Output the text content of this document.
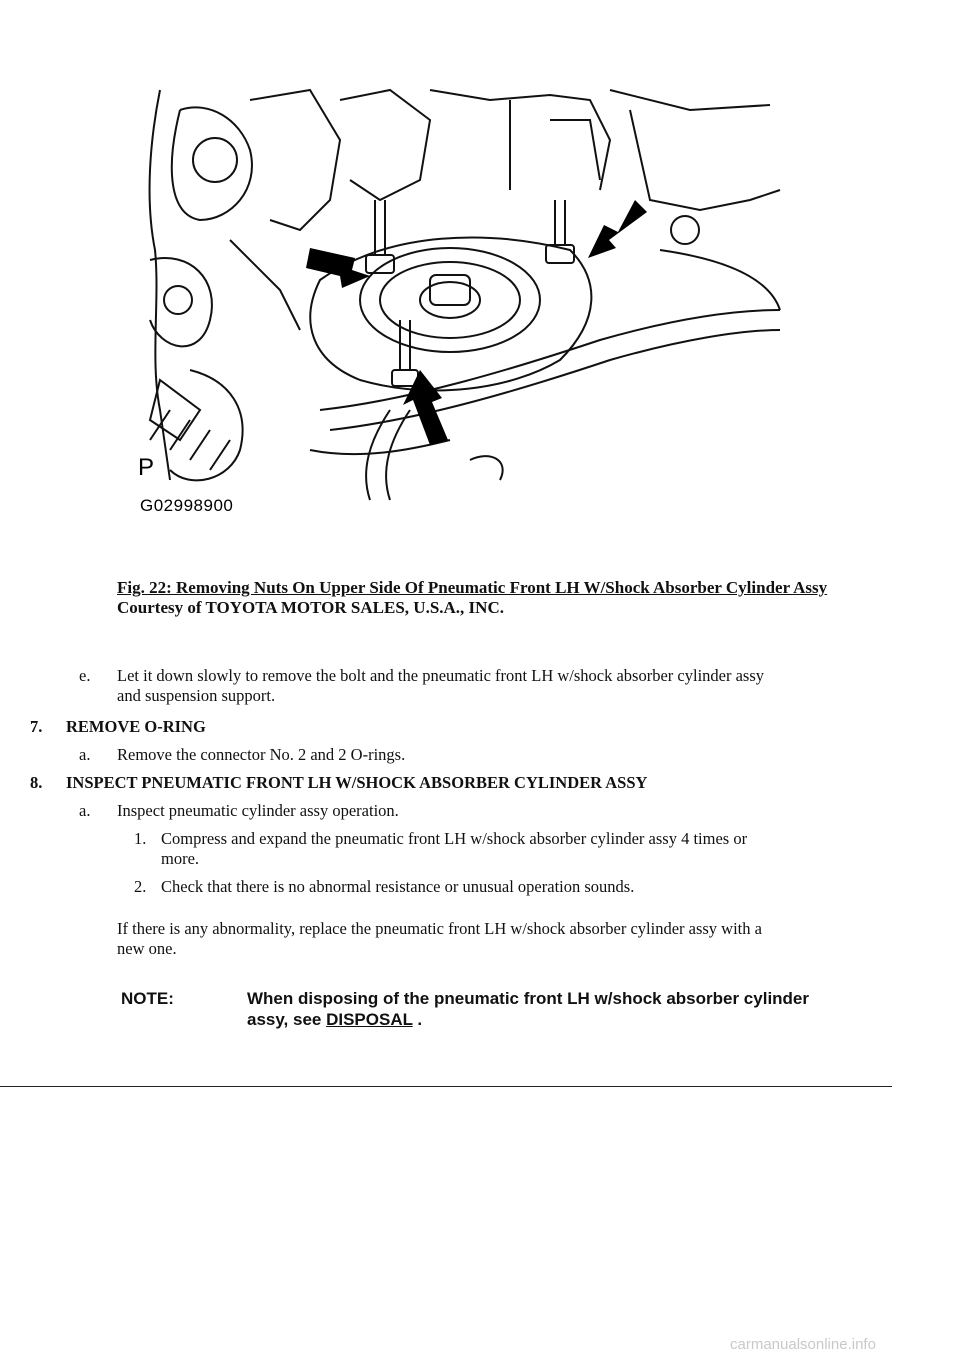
P
G02998900
Fig. 22: Removing Nuts On Upper Side Of Pneumatic Front LH W/Shock Absorber Cylinder Assy
Courtesy of TOYOTA MOTOR SALES, U.S.A., INC.
e. Let it down slowly to remove the bolt and the pneumatic front LH w/shock absorber cylinder assy
and suspension support.
7. REMOVE O-RING
a. Remove the connector No. 2 and 2 O-rings.
8. INSPECT PNEUMATIC FRONT LH W/SHOCK ABSORBER CYLINDER ASSY
a. Inspect pneumatic cylinder assy operation.
1. Compress and expand the pneumatic front LH w/shock absorber cylinder assy 4 times or
more.
2. Check that there is no abnormal resistance or unusual operation sounds.
If there is any abnormality, replace the pneumatic front LH w/shock absorber cylinder assy with a
new one.
NOTE:	When disposing of the pneumatic front LH w/shock absorber cylinder
assy, see DISPOSAL .
carmanualsonline.info
